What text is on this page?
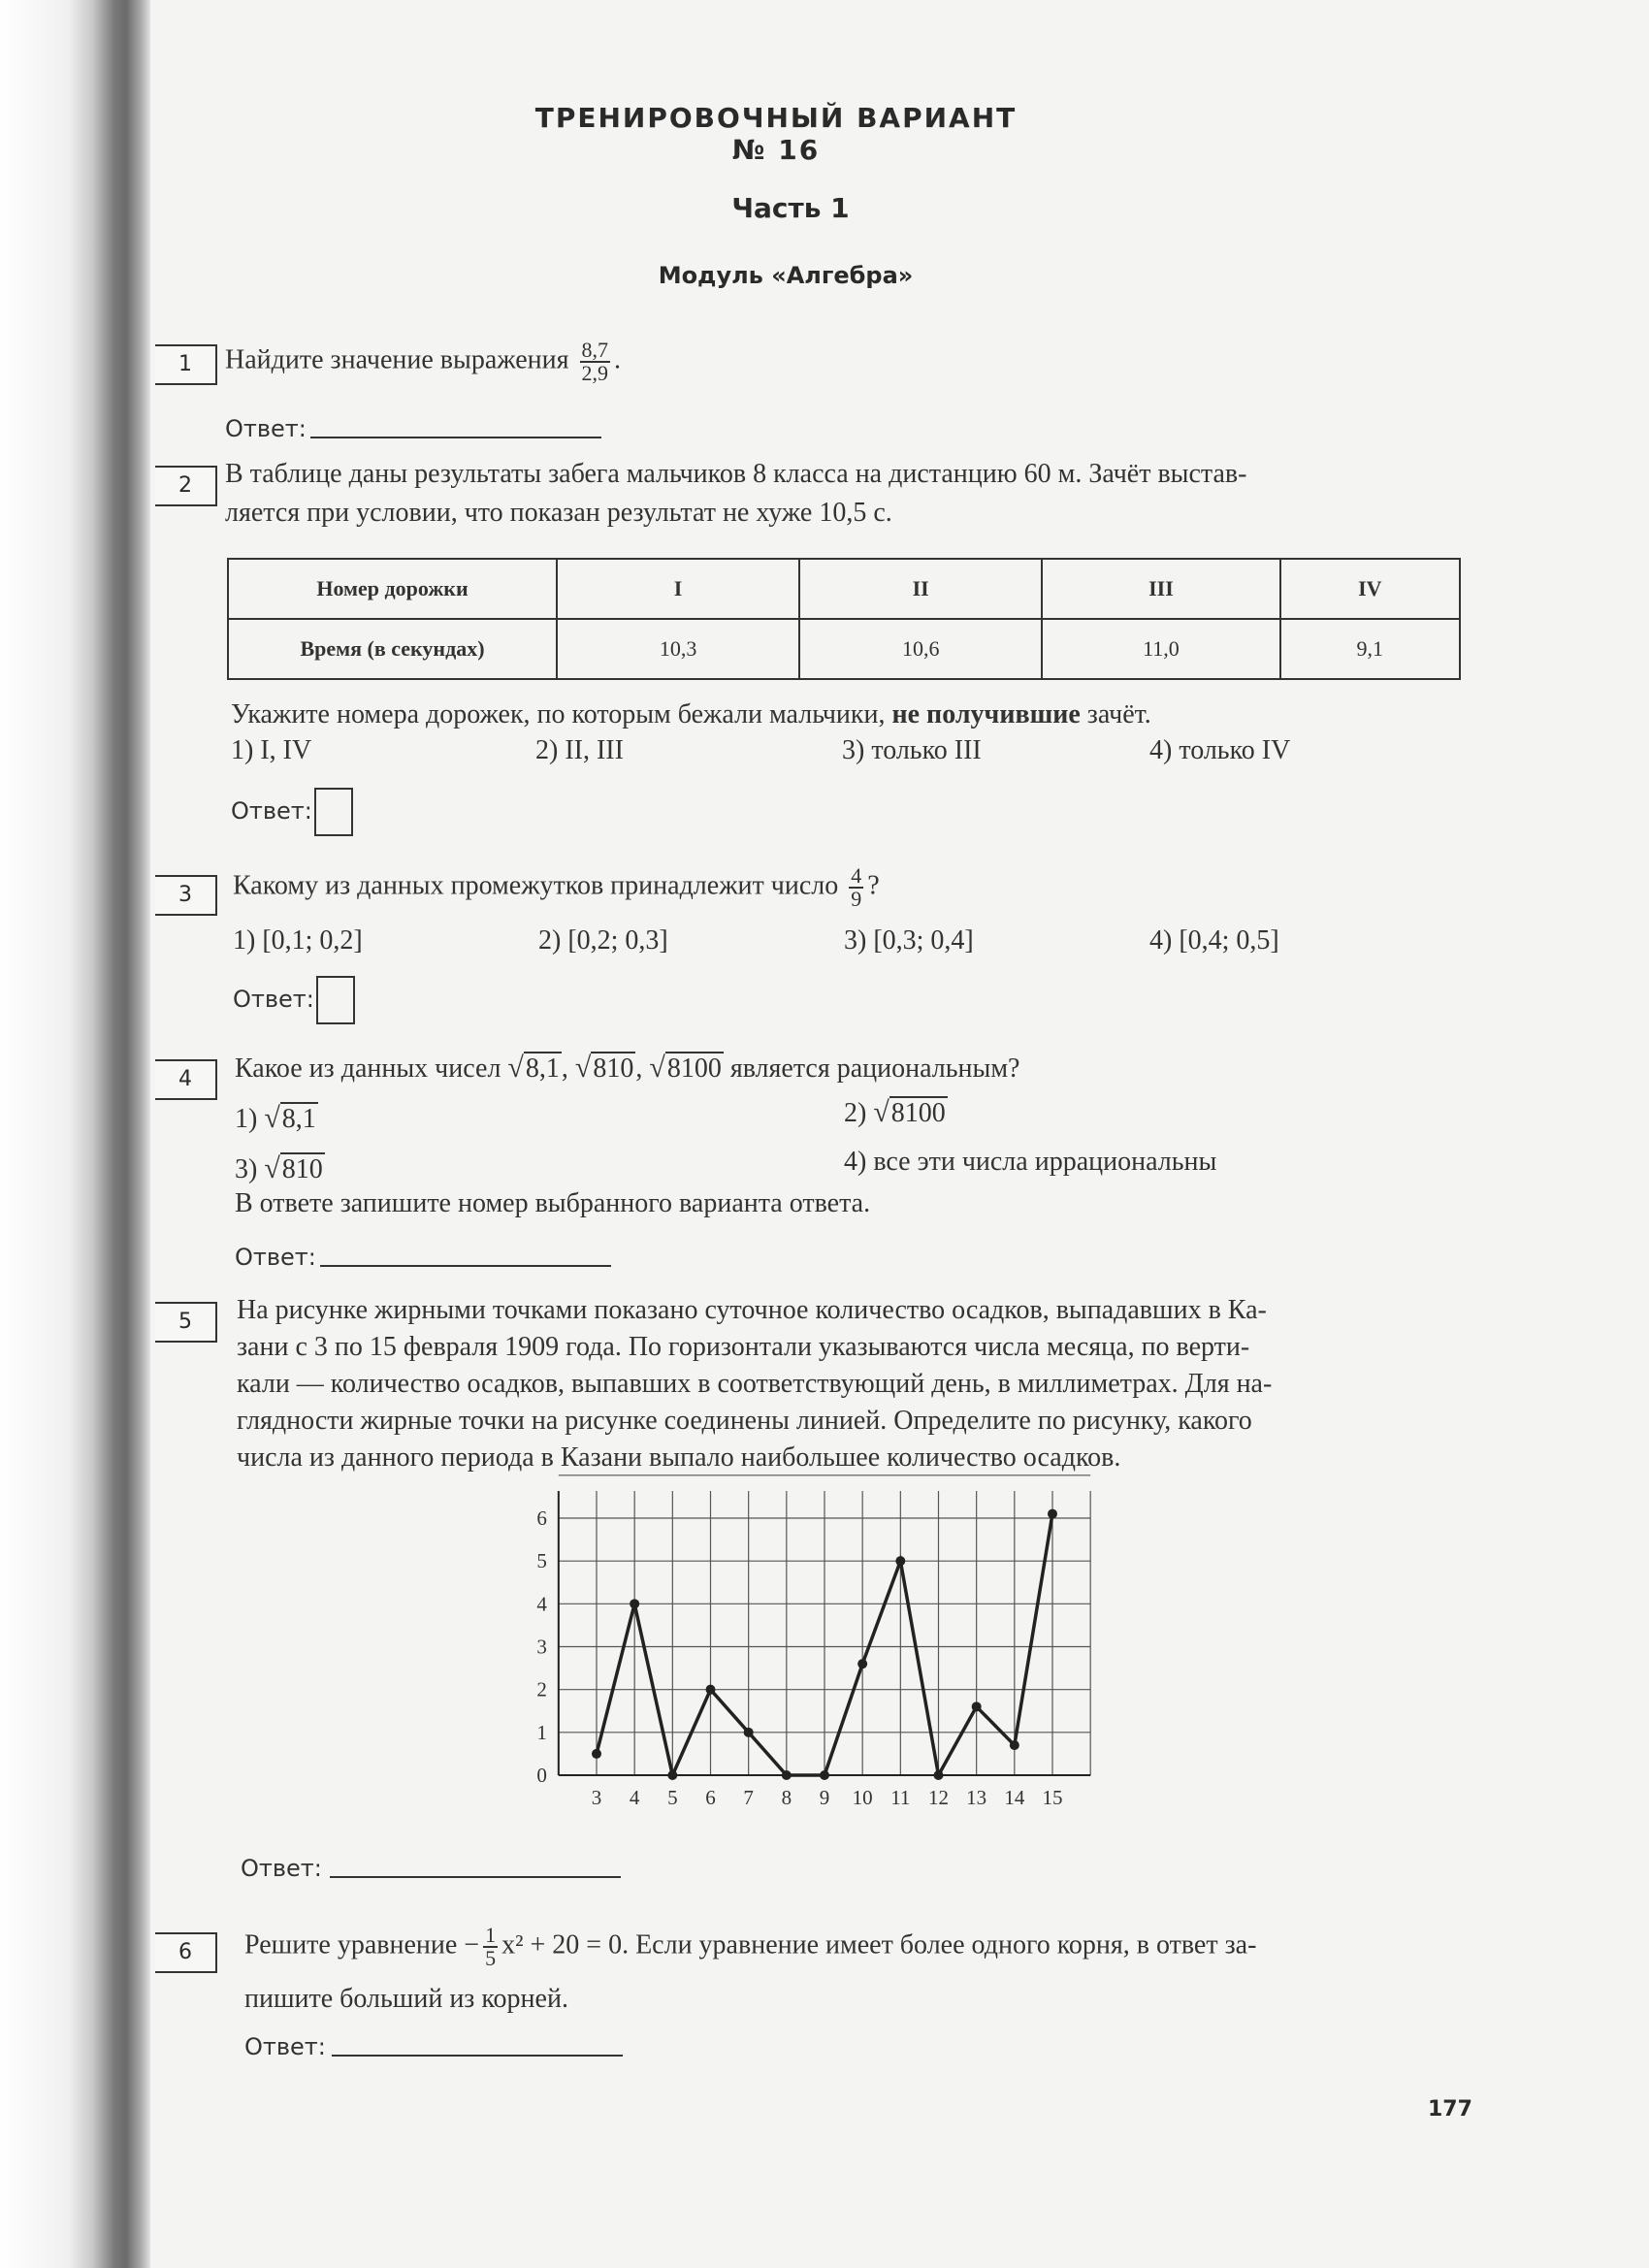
ТРЕНИРОВОЧНЫЙ ВАРИАНТ № 16
Часть 1
Модуль «Алгебра»
1	Найдите значение выражения $\frac{8,7}{2,9}$ .
Ответ:
2	В таблице даны результаты забега мальчиков 8 класса на дистанцию 60 м. Зачёт выстав-
ляется при условии, что показан результат не хуже 10,5 с.
Номер дорожки	I	II	III	IV
Время (в секундах)	10,3	10,6	11,0	9,1
Укажите номера дорожек, по которым бежали мальчики, не получившие зачёт.
1) I, IV	2) II, III	3) только III	4) только IV
Ответ:
3	Какому из данных промежутков принадлежит число $\frac{4}{9}$ ?
1) [0,1; 0,2]	2) [0,2; 0,3]	3) [0,3; 0,4]	4) [0,4; 0,5]
Ответ:
4	Какое из данных чисел √8,1, √810, √8100 является рациональным?
1) √8,1	2) √8100
3) √810	4) все эти числа иррациональны
В ответе запишите номер выбранного варианта ответа.
Ответ:
5	На рисунке жирными точками показано суточное количество осадков, выпадавших в Ка-
зани с 3 по 15 февраля 1909 года. По горизонтали указываются числа месяца, по верти-
кали — количество осадков, выпавших в соответствующий день, в миллиметрах. Для на-
глядности жирные точки на рисунке соединены линией. Определите по рисунку, какого
числа из данного периода в Казани выпало наибольшее количество осадков.
0
1
2
3
4
5
6
3 4 5 6 7 8 9 10 11 12 13 14 15
Ответ:
6	Решите уравнение − $\frac{1}{5} x^2 + 20 = 0$. Если уравнение имеет более одного корня, в ответ за-
пишите больший из корней.
Ответ:
177
